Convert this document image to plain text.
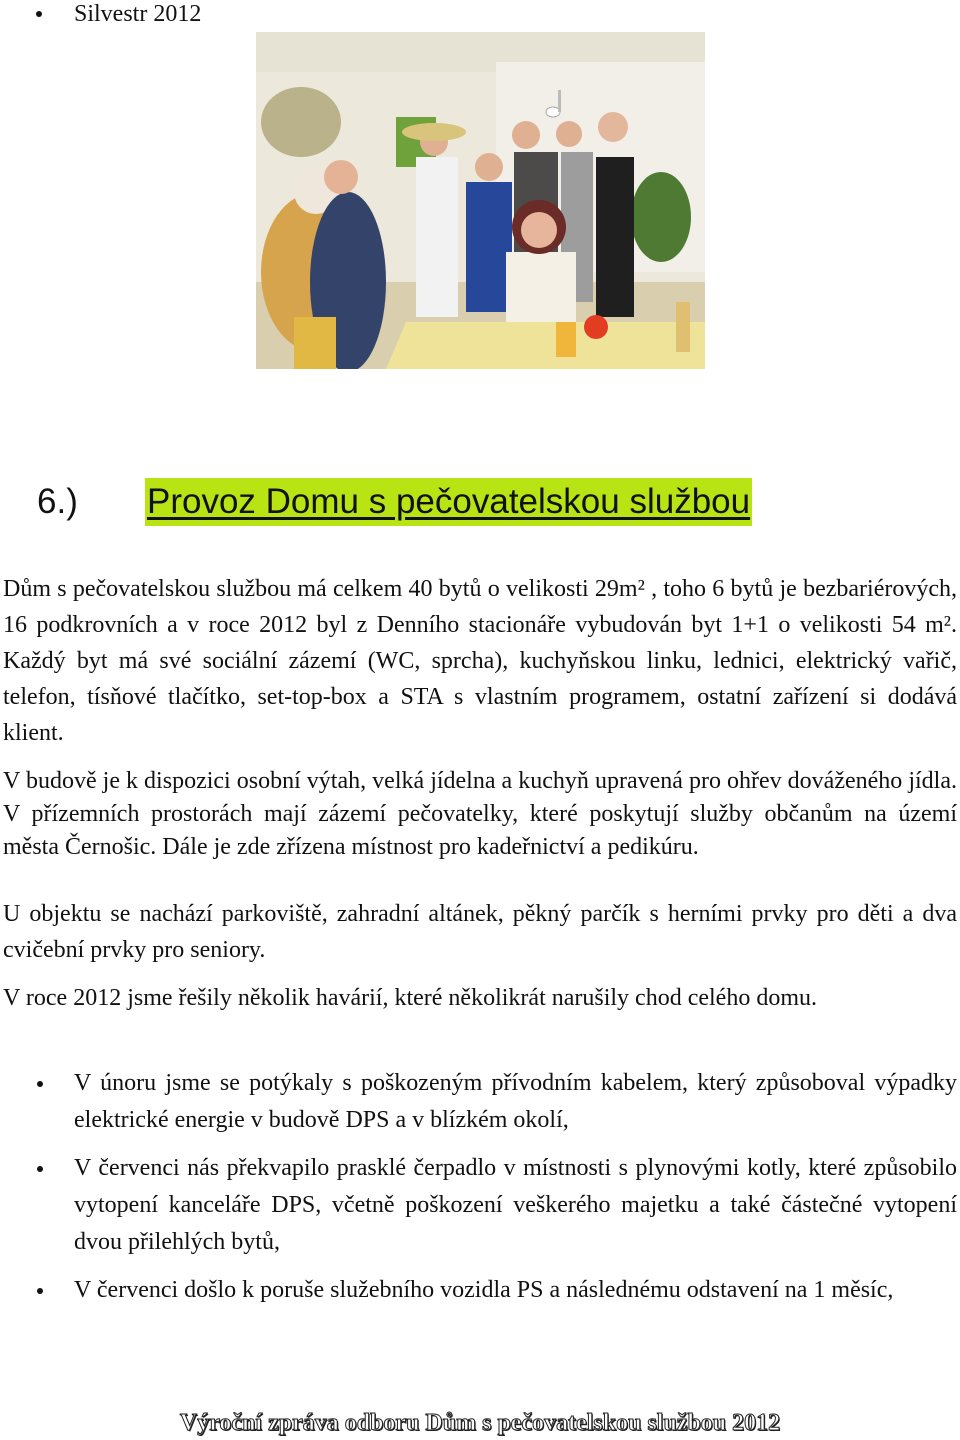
Silvestr 2012
6.)	Provoz Domu s pečovatelskou službou

Dům s pečovatelskou službou má celkem 40 bytů o velikosti 29m² , toho 6 bytů je bezbariérových, 16 podkrovních a v roce 2012 byl z Denního stacionáře vybudován byt 1+1 o velikosti 54 m². Každý byt má své sociální zázemí (WC, sprcha), kuchyňskou linku, lednici, elektrický vařič, telefon, tísňové tlačítko, set-top-box a STA s vlastním programem, ostatní zařízení si dodává klient.

V budově je k dispozici osobní výtah, velká jídelna a kuchyň upravená pro ohřev dováženého jídla. V přízemních prostorách mají zázemí pečovatelky, které poskytují služby občanům na území města Černošic. Dále je zde zřízena místnost pro kadeřnictví a pedikúru.

U objektu se nachází parkoviště, zahradní altánek, pěkný parčík s herními prvky pro děti a dva cvičební prvky pro seniory.

V roce 2012 jsme řešily několik havárií, které několikrát narušily chod celého domu.

V únoru jsme se potýkaly s poškozeným přívodním kabelem, který způsoboval výpadky elektrické energie v budově DPS a v blízkém okolí,
V červenci nás překvapilo prasklé čerpadlo v místnosti s plynovými kotly, které způsobilo vytopení kanceláře DPS, včetně poškození veškerého majetku a také částečné vytopení dvou přilehlých bytů,
V červenci došlo k poruše služebního vozidla PS a následnému odstavení na 1 měsíc,
Výroční zpráva odboru Dům s pečovatelskou službou 2012
